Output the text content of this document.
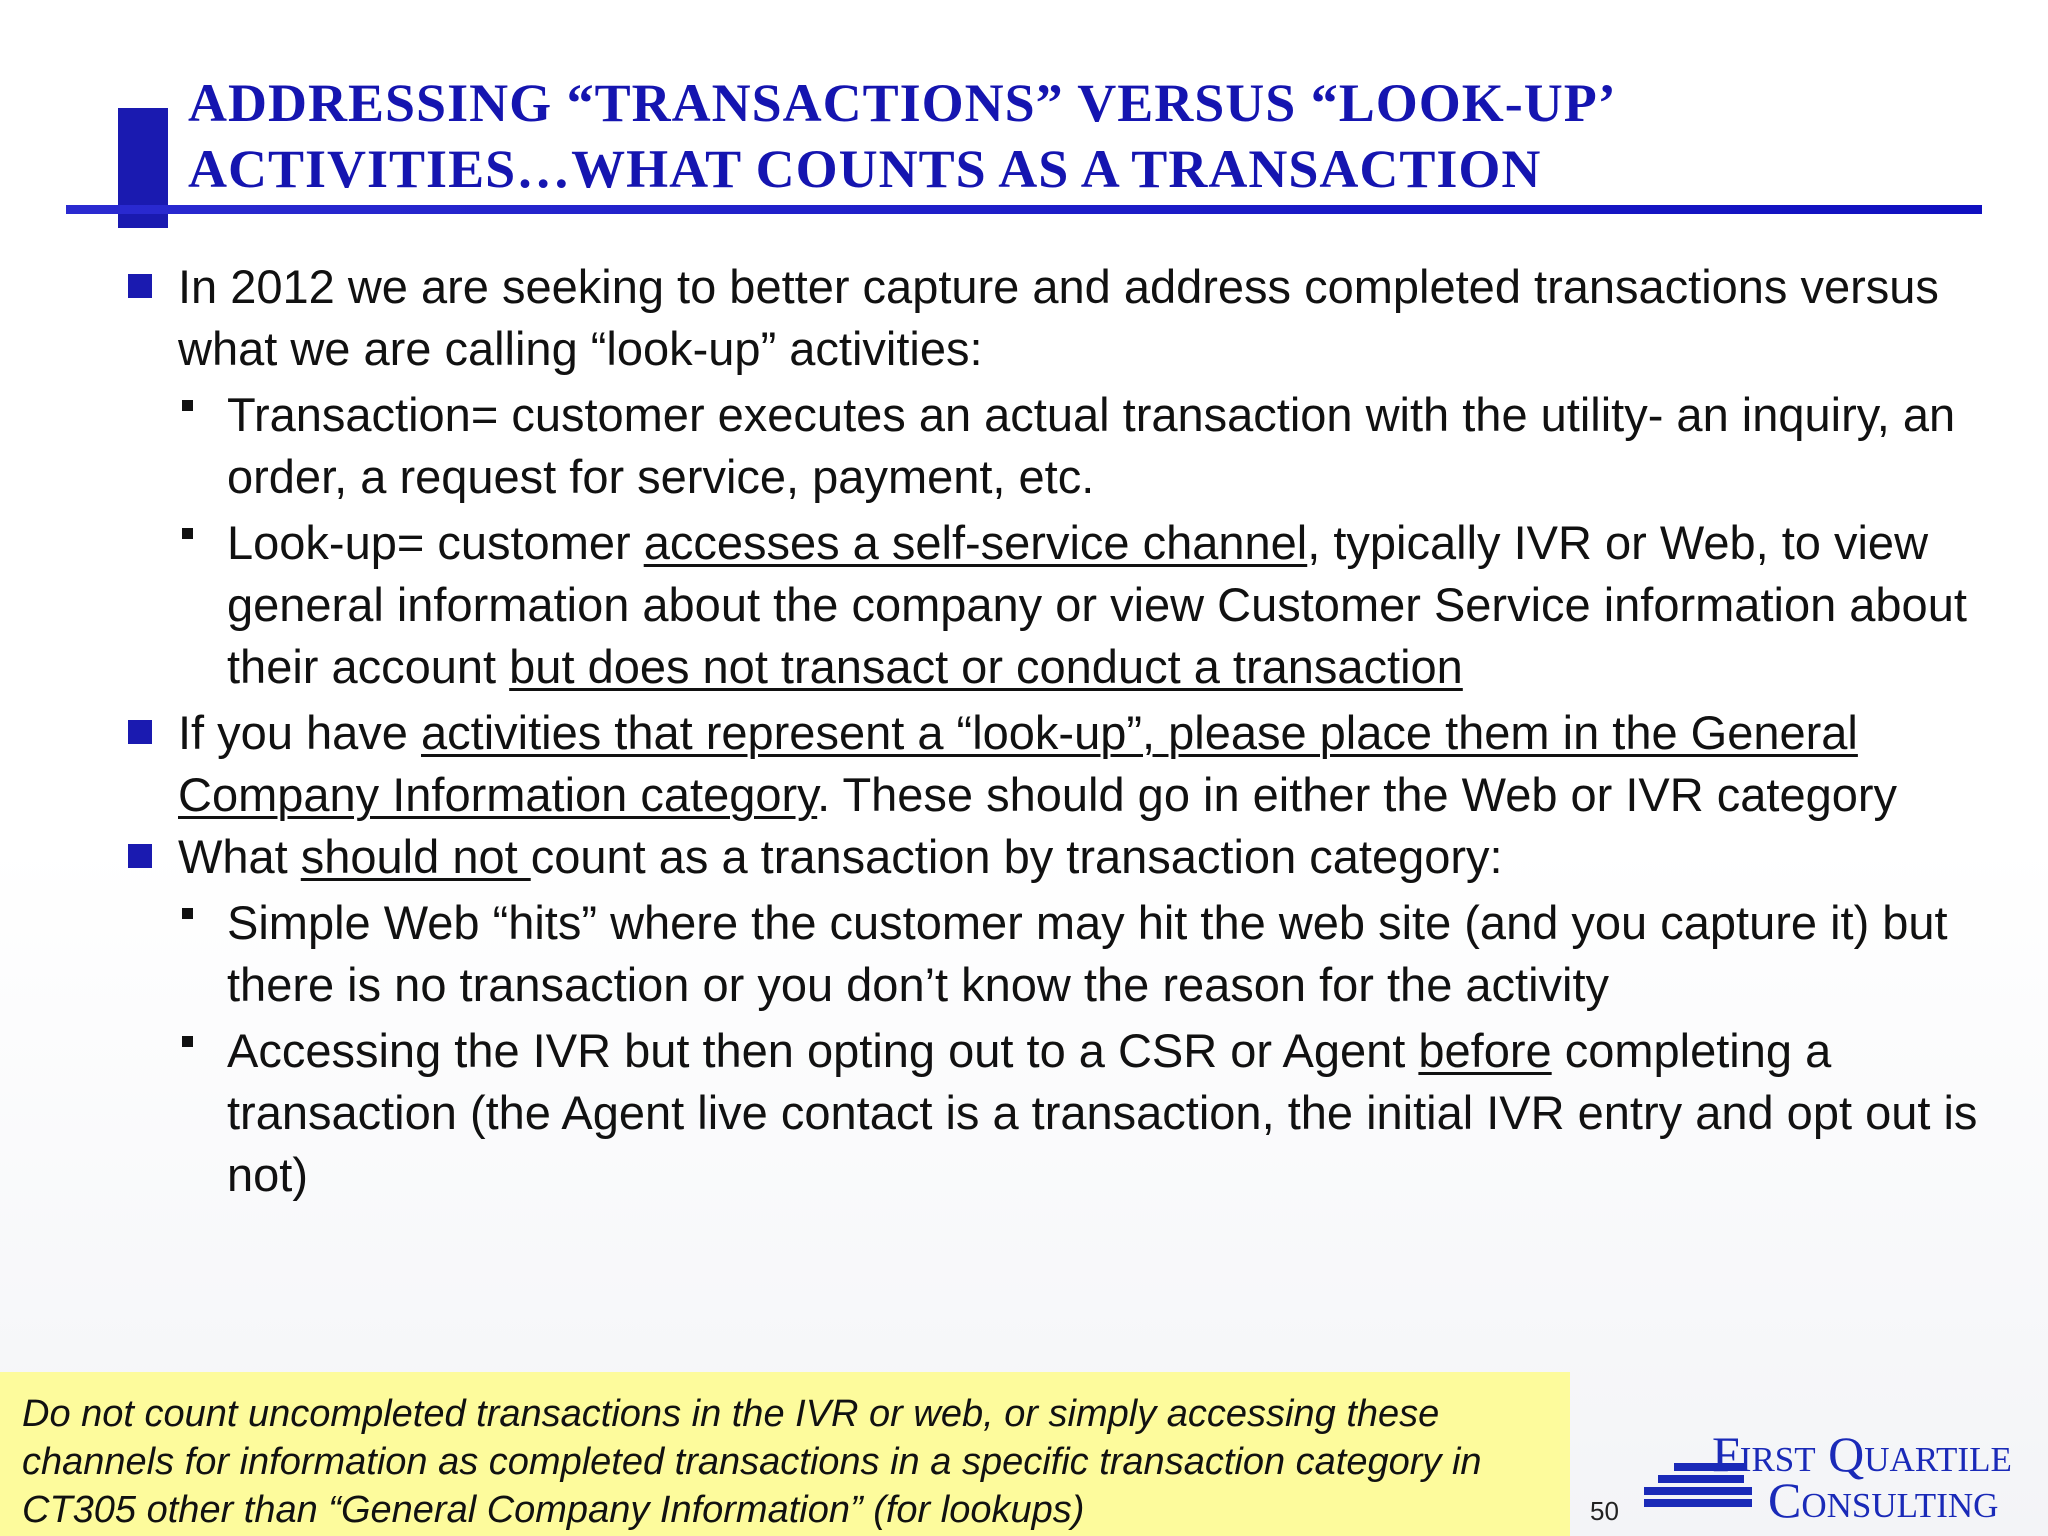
ADDRESSING “TRANSACTIONS” VERSUS “LOOK-UP’
ACTIVITIES…WHAT COUNTS AS A TRANSACTION
In 2012 we are seeking to better capture and address completed transactions versus what we are calling “look-up” activities:
Transaction= customer executes an actual transaction with the utility- an inquiry, an order, a request for service, payment, etc.
Look-up= customer accesses a self-service channel, typically IVR or Web, to view general information about the company or view Customer Service information about their account but does not transact or conduct a transaction
If you have activities that represent a “look-up”, please place them in the General Company Information category. These should go in either the Web or IVR category
What should not count as a transaction by transaction category:
Simple Web “hits” where the customer may hit the web site (and you capture it) but there is no transaction or you don’t know the reason for the activity
Accessing the IVR but then opting out to a CSR or Agent before completing a transaction (the Agent live contact is a transaction, the initial IVR entry and opt out is not)
Do not count uncompleted transactions in the IVR or web, or simply accessing these channels for information as completed transactions in a specific transaction category in CT305 other than “General Company Information” (for lookups)	50
First Quartile
Consulting
